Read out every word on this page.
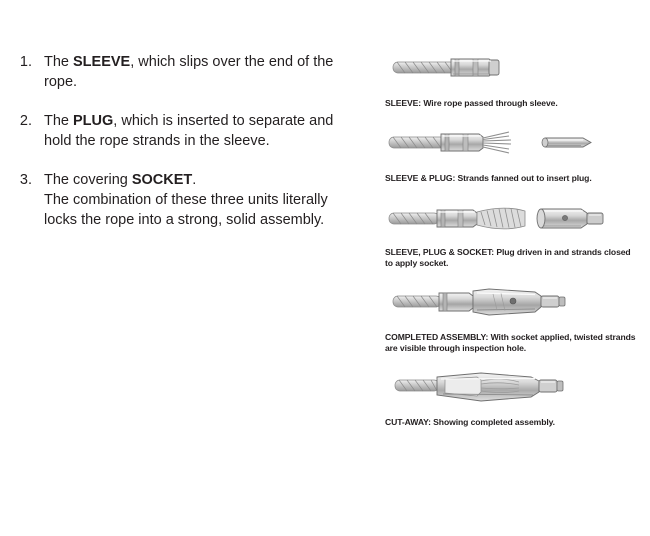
1. The SLEEVE, which slips over the end of the rope.
2. The PLUG, which is inserted to separate and hold the rope strands in the sleeve.
3. The covering SOCKET.
The combination of these three units literally locks the rope into a strong, solid assembly.
SLEEVE: Wire rope passed through sleeve.
SLEEVE & PLUG: Strands fanned out to insert plug.
SLEEVE, PLUG & SOCKET: Plug driven in and strands closed to apply socket.
COMPLETED ASSEMBLY: With socket applied, twisted strands are visible through inspection hole.
CUT-AWAY: Showing completed assembly.
